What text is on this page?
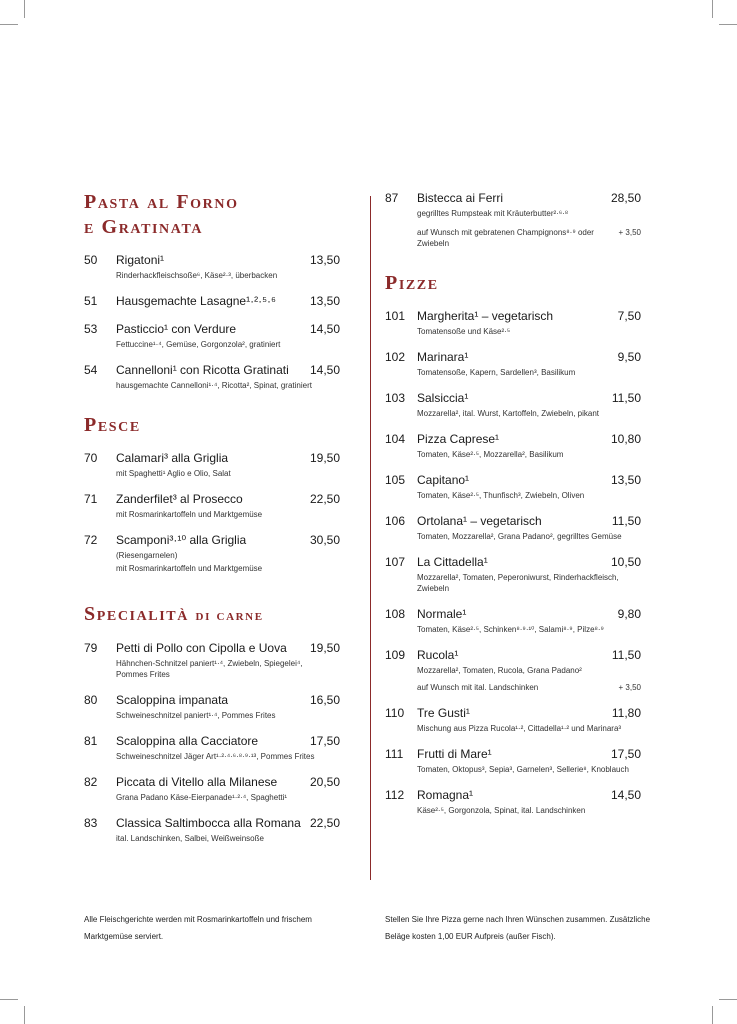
Pasta al Forno
e Gratinata
50	Rigatoni¹	13,50
Rinderhackfleischsoße⁶, Käse²·³, überbacken
51	Hausgemachte Lasagne¹·²·⁵·⁶	13,50
53	Pasticcio¹ con Verdure	14,50
Fettuccine¹·⁴, Gemüse, Gorgonzola², gratiniert
54	Cannelloni¹ con Ricotta Gratinati	14,50
hausgemachte Cannelloni¹·⁴, Ricotta², Spinat, gratiniert
Pesce
70	Calamari³ alla Griglia	19,50
mit Spaghetti¹ Aglio e Olio, Salat
71	Zanderfilet³ al Prosecco	22,50
mit Rosmarinkartoffeln und Marktgemüse
72	Scamponi³·¹⁰ alla Griglia	30,50
(Riesengarnelen)
mit Rosmarinkartoffeln und Marktgemüse
Specialità di carne
79	Petti di Pollo con Cipolla e Uova	19,50
Hähnchen-Schnitzel paniert¹·⁴, Zwiebeln, Spiegelei⁴, Pommes Frites
80	Scaloppina impanata	16,50
Schweineschnitzel paniert¹·⁴, Pommes Frites
81	Scaloppina alla Cacciatore	17,50
Schweineschnitzel Jäger Art¹·²·⁴·⁶·⁸·⁹·¹³, Pommes Frites
82	Piccata di Vitello alla Milanese	20,50
Grana Padano Käse-Eierpanade¹·²·⁴, Spaghetti¹
83	Classica Saltimbocca alla Romana 22,50
ital. Landschinken, Salbei, Weißweinsoße
Alle Fleischgerichte werden mit Rosmarinkartoffeln und frischem Marktgemüse serviert.
87	Bistecca ai Ferri	28,50
gegrilltes Rumpsteak mit Kräuterbutter²·⁶·⁸
auf Wunsch mit gebratenen Champignons⁸·⁹ oder Zwiebeln
+ 3,50
Pizze
101 Margherita¹ – vegetarisch	7,50
Tomatensoße und Käse²·⁵
102 Marinara¹	9,50
Tomatensoße, Kapern, Sardellen³, Basilikum
103 Salsiccia¹	11,50
Mozzarella², ital. Wurst, Kartoffeln, Zwiebeln, pikant
104 Pizza Caprese¹	10,80
Tomaten, Käse²·⁵, Mozzarella², Basilikum
105 Capitano¹	13,50
Tomaten, Käse²·⁵, Thunfisch³, Zwiebeln, Oliven
106 Ortolana¹ – vegetarisch	11,50
Tomaten, Mozzarella², Grana Padano², gegrilltes Gemüse
107 La Cittadella¹	10,50
Mozzarella², Tomaten, Peperoniwurst, Rinderhackfleisch, Zwiebeln
108 Normale¹	9,80
Tomaten, Käse²·⁵, Schinken⁸·⁹·¹⁰, Salami⁸·⁹, Pilze⁸·⁹
109 Rucola¹	11,50
Mozzarella², Tomaten, Rucola, Grana Padano²
auf Wunsch mit ital. Landschinken	+ 3,50
110	Tre Gusti¹	11,80
Mischung aus Pizza Rucola¹·², Cittadella¹·² und Marinara³
111	Frutti di Mare¹	17,50
Tomaten, Oktopus³, Sepia³, Garnelen³, Sellerie⁸, Knoblauch
112	Romagna¹	14,50
Käse²·⁵, Gorgonzola, Spinat, ital. Landschinken
Stellen Sie Ihre Pizza gerne nach Ihren Wünschen zusammen. Zusätzliche Beläge kosten 1,00 EUR Aufpreis (außer Fisch).
